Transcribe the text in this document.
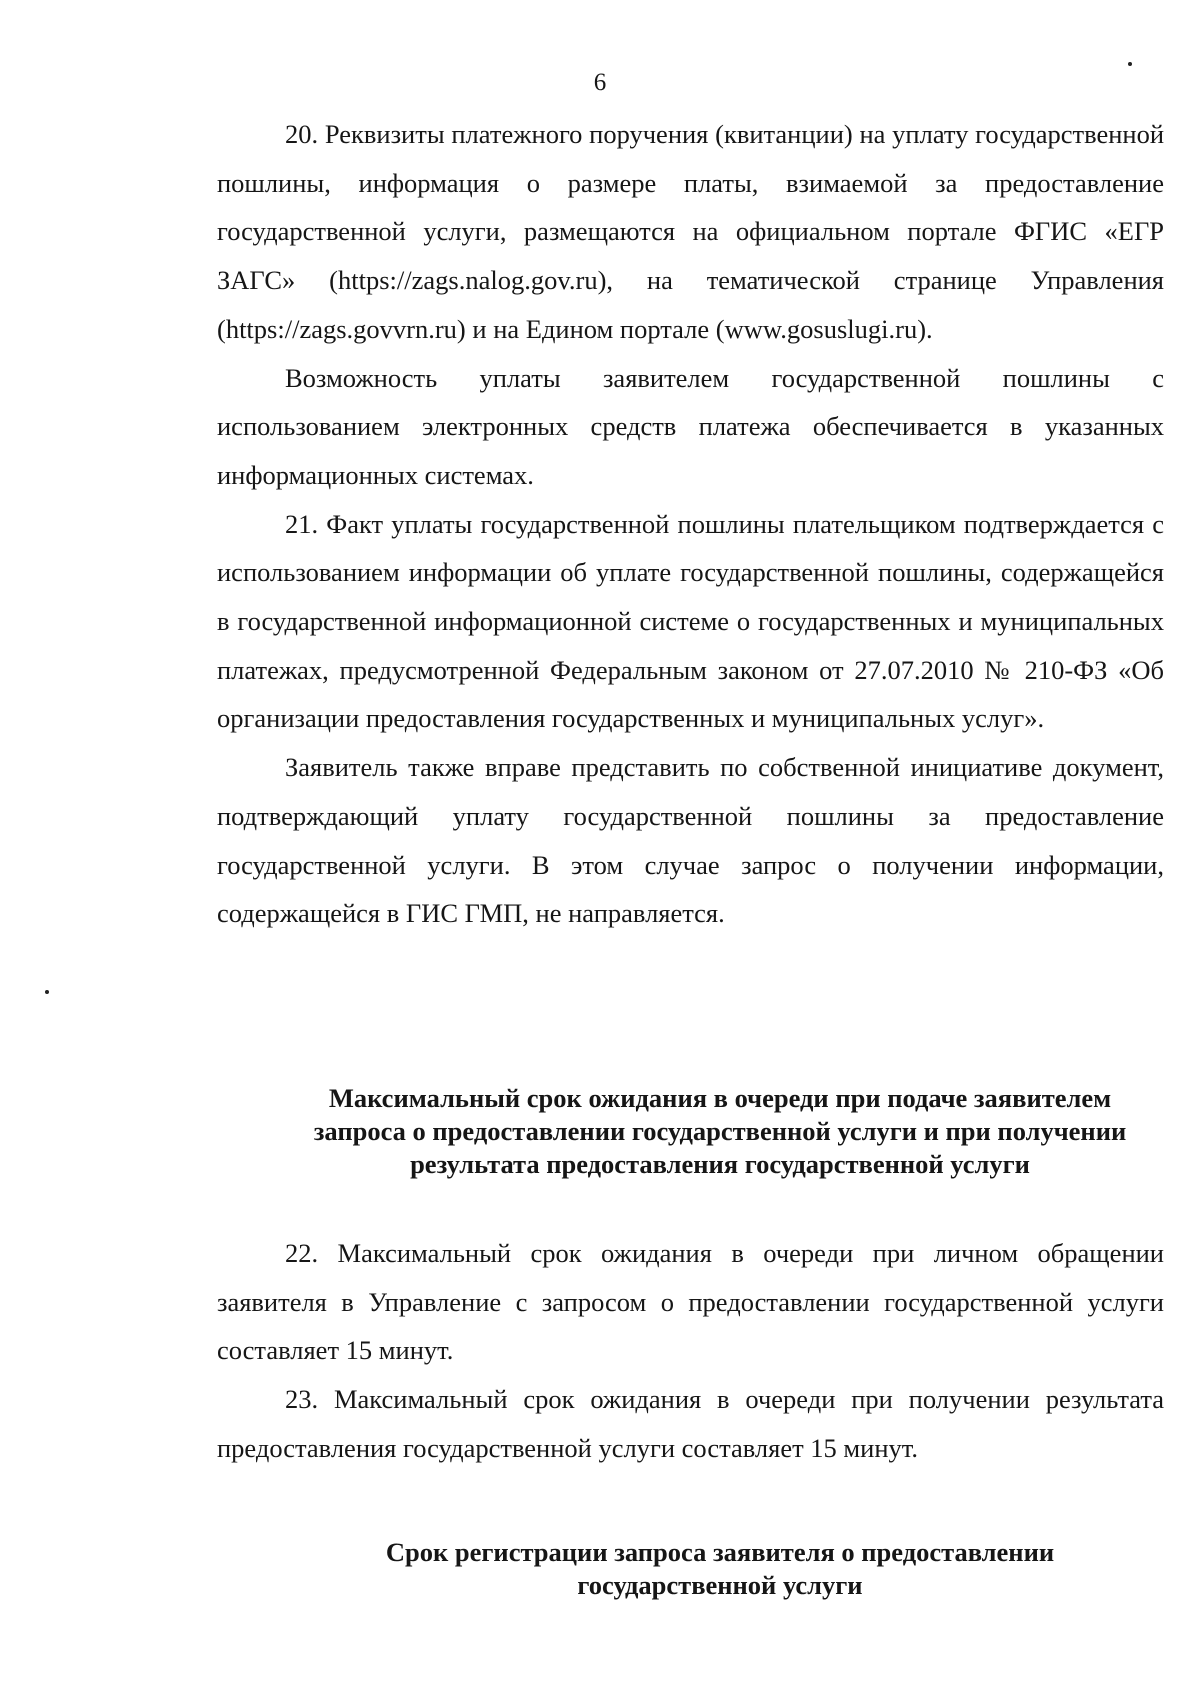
6

20. Реквизиты платежного поручения (квитанции) на уплату государственной пошлины, информация о размере платы, взимаемой за предоставление государственной услуги, размещаются на официальном портале ФГИС «ЕГР ЗАГС» (https://zags.nalog.gov.ru), на тематической странице Управления (https://zags.govvrn.ru) и на Едином портале (www.gosuslugi.ru).

Возможность уплаты заявителем государственной пошлины с использованием электронных средств платежа обеспечивается в указанных информационных системах.

21. Факт уплаты государственной пошлины плательщиком подтверждается с использованием информации об уплате государственной пошлины, содержащейся в государственной информационной системе о государственных и муниципальных платежах, предусмотренной Федеральным законом от 27.07.2010 № 210-ФЗ «Об организации предоставления государственных и муниципальных услуг».

Заявитель также вправе представить по собственной инициативе документ, подтверждающий уплату государственной пошлины за предоставление государственной услуги. В этом случае запрос о получении информации, содержащейся в ГИС ГМП, не направляется.

Максимальный срок ожидания в очереди при подаче заявителем запроса о предоставлении государственной услуги и при получении результата предоставления государственной услуги

22. Максимальный срок ожидания в очереди при личном обращении заявителя в Управление с запросом о предоставлении государственной услуги составляет 15 минут.

23. Максимальный срок ожидания в очереди при получении результата предоставления государственной услуги составляет 15 минут.

Срок регистрации запроса заявителя о предоставлении государственной услуги
